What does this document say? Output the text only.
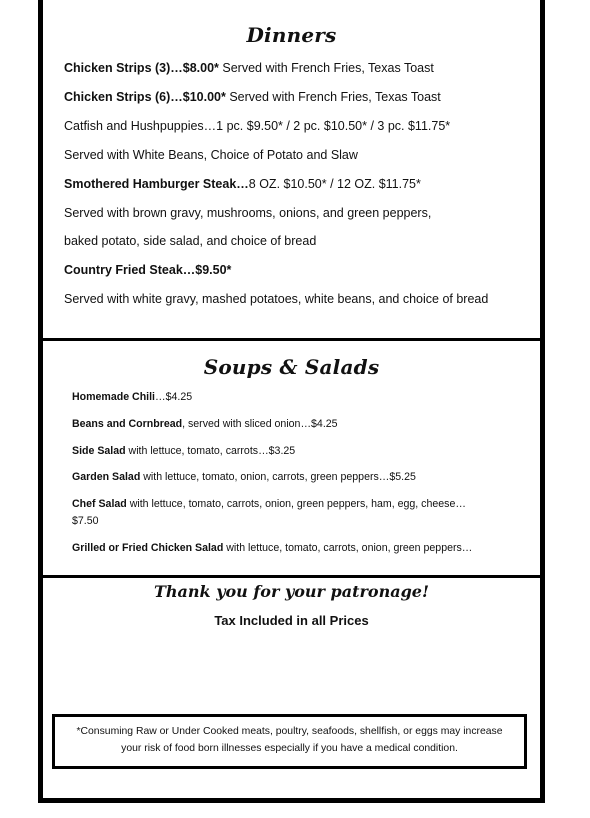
Dinners
Chicken Strips (3)…$8.00* Served with French Fries, Texas Toast
Chicken Strips (6)…$10.00* Served with French Fries, Texas Toast
Catfish and Hushpuppies…1 pc. $9.50* / 2 pc. $10.50* / 3 pc. $11.75*
Served with White Beans, Choice of Potato and Slaw
Smothered Hamburger Steak…8 OZ. $10.50* / 12 OZ. $11.75*
Served with brown gravy, mushrooms, onions, and green peppers,
baked potato, side salad, and choice of bread
Country Fried Steak…$9.50*
Served with white gravy, mashed potatoes, white beans, and choice of bread
Soups & Salads
Homemade Chili…$4.25
Beans and Cornbread, served with sliced onion…$4.25
Side Salad with lettuce, tomato, carrots…$3.25
Garden Salad with lettuce, tomato, onion, carrots, green peppers…$5.25
Chef Salad with lettuce, tomato, carrots, onion, green peppers, ham, egg, cheese…
$7.50
Grilled or Fried Chicken Salad with lettuce, tomato, carrots, onion, green peppers…
Thank you for your patronage!
Tax Included in all Prices
*Consuming Raw or Under Cooked meats, poultry, seafoods, shellfish, or eggs may increase
your risk of food born illnesses especially if you have a medical condition.
